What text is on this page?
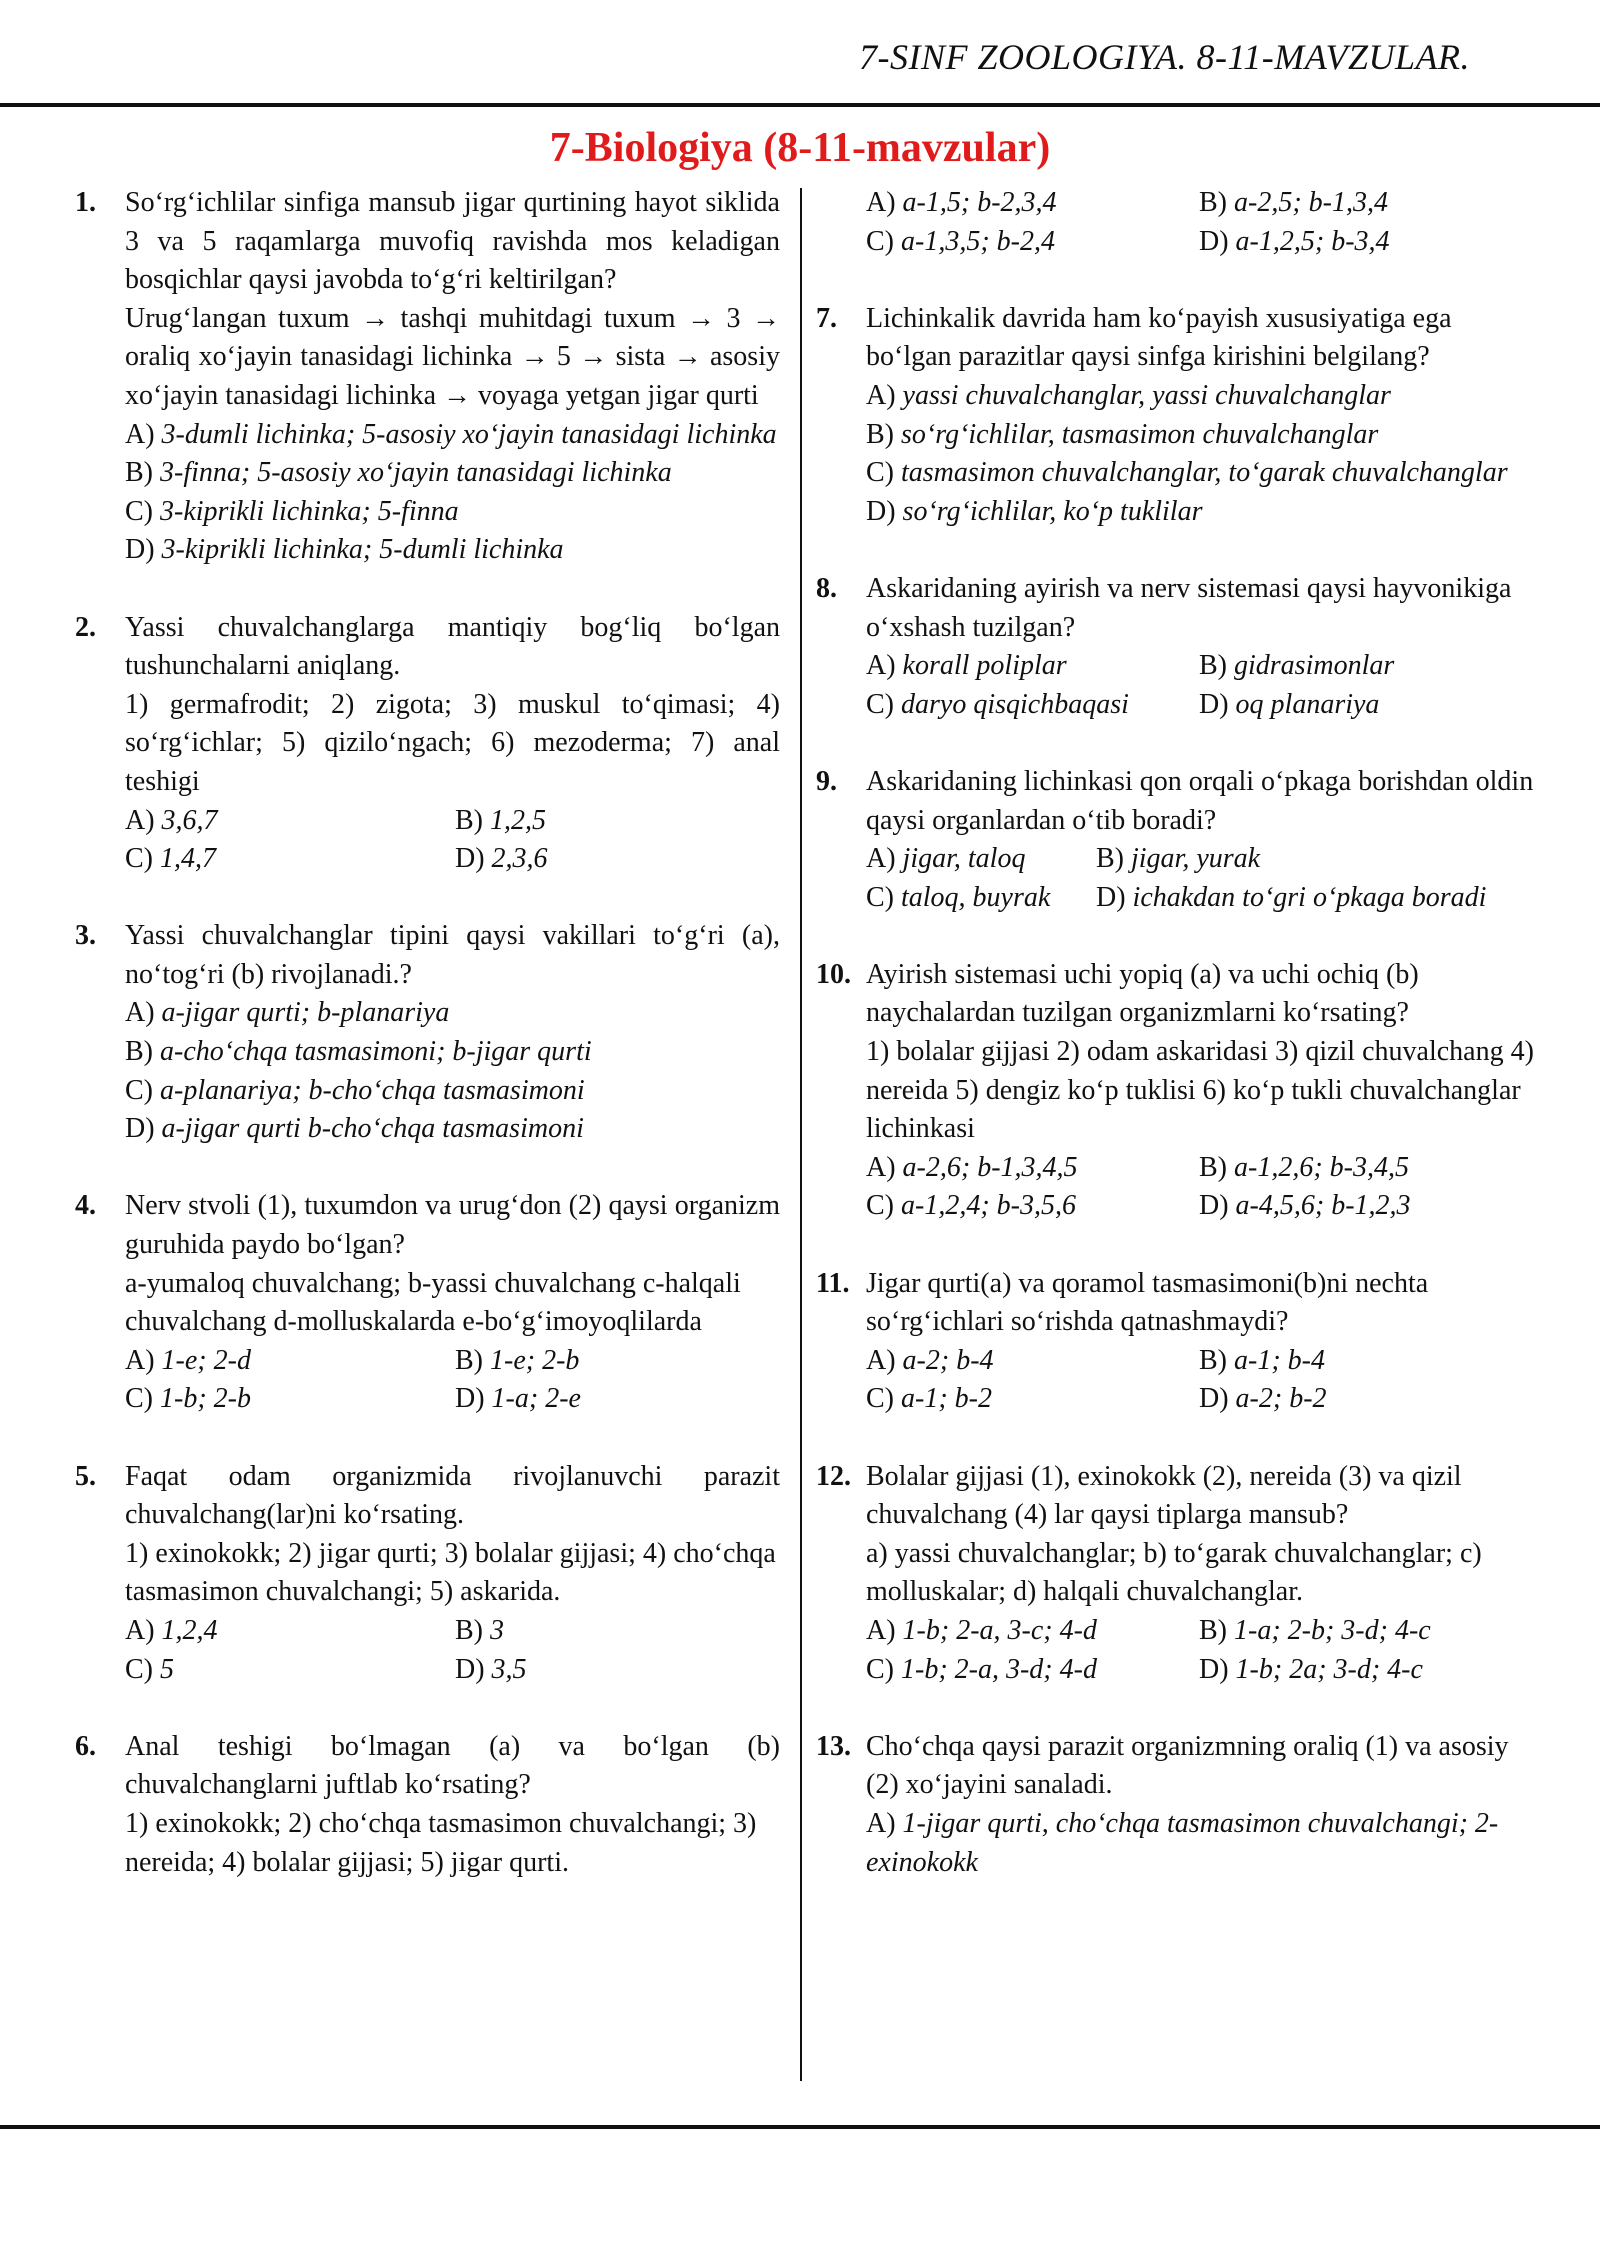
7-SINF ZOOLOGIYA. 8-11-MAVZULAR.
7-Biologiya (8-11-mavzular)
1. So‘rg‘ichlilar sinfiga mansub jigar qurtining hayot siklida 3 va 5 raqamlarga muvofiq ravishda mos keladigan bosqichlar qaysi javobda to‘g‘ri keltirilgan?

Urug‘langan tuxum → tashqi muhitdagi tuxum → 3 → oraliq xo‘jayin tanasidagi lichinka → 5 → sista → asosiy xo‘jayin tanasidagi lichinka → voyaga yetgan jigar qurti

A) 3-dumli lichinka; 5-asosiy xo‘jayin tanasidagi lichinka

B) 3-finna; 5-asosiy xo‘jayin tanasidagi lichinka

C) 3-kiprikli lichinka; 5-finna

D) 3-kiprikli lichinka; 5-dumli lichinka

2. Yassi chuvalchanglarga mantiqiy bog‘liq bo‘lgan tushunchalarni aniqlang.

1) germafrodit; 2) zigota; 3) muskul to‘qimasi; 4) so‘rg‘ichlar; 5) qizilo‘ngach; 6) mezoderma; 7) anal teshigi

A) 3,6,7	B) 1,2,5
C) 1,4,7	D) 2,3,6
3. Yassi chuvalchanglar tipini qaysi vakillari to‘g‘ri (a), no‘tog‘ri (b) rivojlanadi.?

A) a-jigar qurti; b-planariya

B) a-cho‘chqa tasmasimoni; b-jigar qurti

C) a-planariya; b-cho‘chqa tasmasimoni

D) a-jigar qurti b-cho‘chqa tasmasimoni

4. Nerv stvoli (1), tuxumdon va urug‘don (2) qaysi organizm guruhida paydo bo‘lgan?

a-yumaloq chuvalchang; b-yassi chuvalchang c-halqali chuvalchang d-molluskalarda e-bo‘g‘imoyoqlilarda

A) 1-e; 2-d	B) 1-e; 2-b
C) 1-b; 2-b	D) 1-a; 2-e
5. Faqat odam organizmida rivojlanuvchi parazit chuvalchang(lar)ni ko‘rsating.

1) exinokokk; 2) jigar qurti; 3) bolalar gijjasi; 4) cho‘chqa tasmasimon chuvalchangi; 5) askarida.

A) 1,2,4	B) 3
C) 5	D) 3,5
6. Anal teshigi bo‘lmagan (a) va bo‘lgan (b) chuvalchanglarni juftlab ko‘rsating?

1) exinokokk; 2) cho‘chqa tasmasimon chuvalchangi; 3) nereida; 4) bolalar gijjasi; 5) jigar qurti.

A) a-1,5; b-2,3,4	B) a-2,5; b-1,3,4
C) a-1,3,5; b-2,4	D) a-1,2,5; b-3,4
7. Lichinkalik davrida ham ko‘payish xususiyatiga ega bo‘lgan parazitlar qaysi sinfga kirishini belgilang?

A) yassi chuvalchanglar, yassi chuvalchanglar

B) so‘rg‘ichlilar, tasmasimon chuvalchanglar

C) tasmasimon chuvalchanglar, to‘garak chuvalchanglar

D) so‘rg‘ichlilar, ko‘p tuklilar

8. Askaridaning ayirish va nerv sistemasi qaysi hayvonikiga o‘xshash tuzilgan?

A) korall poliplar	B) gidrasimonlar
C) daryo qisqichbaqasi	D) oq planariya
9. Askaridaning lichinkasi qon orqali o‘pkaga borishdan oldin qaysi organlardan o‘tib boradi?

A) jigar, taloq	B) jigar, yurak
C) taloq, buyrak	D) ichakdan to‘gri o‘pkaga boradi
10. Ayirish sistemasi uchi yopiq (a) va uchi ochiq (b) naychalardan tuzilgan organizmlarni ko‘rsating?

1) bolalar gijjasi 2) odam askaridasi 3) qizil chuvalchang 4) nereida 5) dengiz ko‘p tuklisi 6) ko‘p tukli chuvalchanglar lichinkasi

A) a-2,6; b-1,3,4,5	B) a-1,2,6; b-3,4,5
C) a-1,2,4; b-3,5,6	D) a-4,5,6; b-1,2,3
11. Jigar qurti(a) va qoramol tasmasimoni(b)ni nechta so‘rg‘ichlari so‘rishda qatnashmaydi?

A) a-2; b-4	B) a-1; b-4
C) a-1; b-2	D) a-2; b-2
12. Bolalar gijjasi (1), exinokokk (2), nereida (3) va qizil chuvalchang (4) lar qaysi tiplarga mansub?

a) yassi chuvalchanglar; b) to‘garak chuvalchanglar; c) molluskalar; d) halqali chuvalchanglar.

A) 1-b; 2-a, 3-c; 4-d	B) 1-a; 2-b; 3-d; 4-c
C) 1-b; 2-a, 3-d; 4-d	D) 1-b; 2a; 3-d; 4-c
13. Cho‘chqa qaysi parazit organizmning oraliq (1) va asosiy (2) xo‘jayini sanaladi.

A) 1-jigar qurti, cho‘chqa tasmasimon chuvalchangi; 2-exinokokk
